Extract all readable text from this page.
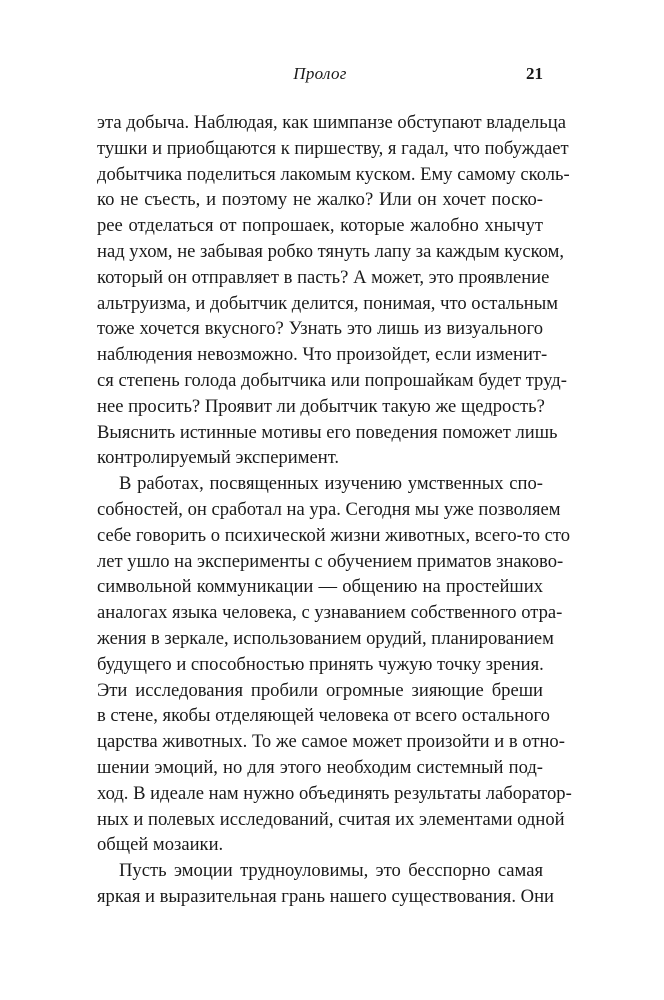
Пролог	21
эта добыча. Наблюдая, как шимпанзе обступают владельца
тушки и приобщаются к пиршеству, я гадал, что побуждает
добытчика поделиться лакомым куском. Ему самому сколь-
ко не съесть, и поэтому не жалко? Или он хочет поско-
рее отделаться от попрошаек, которые жалобно хнычут
над ухом, не забывая робко тянуть лапу за каждым куском,
который он отправляет в пасть? А может, это проявление
альтруизма, и добытчик делится, понимая, что остальным
тоже хочется вкусного? Узнать это лишь из визуального
наблюдения невозможно. Что произойдет, если изменит-
ся степень голода добытчика или попрошайкам будет труд-
нее просить? Проявит ли добытчик такую же щедрость?
Выяснить истинные мотивы его поведения поможет лишь
контролируемый эксперимент.
В работах, посвященных изучению умственных спо-
собностей, он сработал на ура. Сегодня мы уже позволяем
себе говорить о психической жизни животных, всего-то сто
лет ушло на эксперименты с обучением приматов знаково-
символьной коммуникации — общению на простейших
аналогах языка человека, с узнаванием собственного отра-
жения в зеркале, использованием орудий, планированием
будущего и способностью принять чужую точку зрения.
Эти исследования пробили огромные зияющие бреши
в стене, якобы отделяющей человека от всего остального
царства животных. То же самое может произойти и в отно-
шении эмоций, но для этого необходим системный под-
ход. В идеале нам нужно объединять результаты лаборатор-
ных и полевых исследований, считая их элементами одной
общей мозаики.
Пусть эмоции трудноуловимы, это бесспорно самая
яркая и выразительная грань нашего существования. Они
